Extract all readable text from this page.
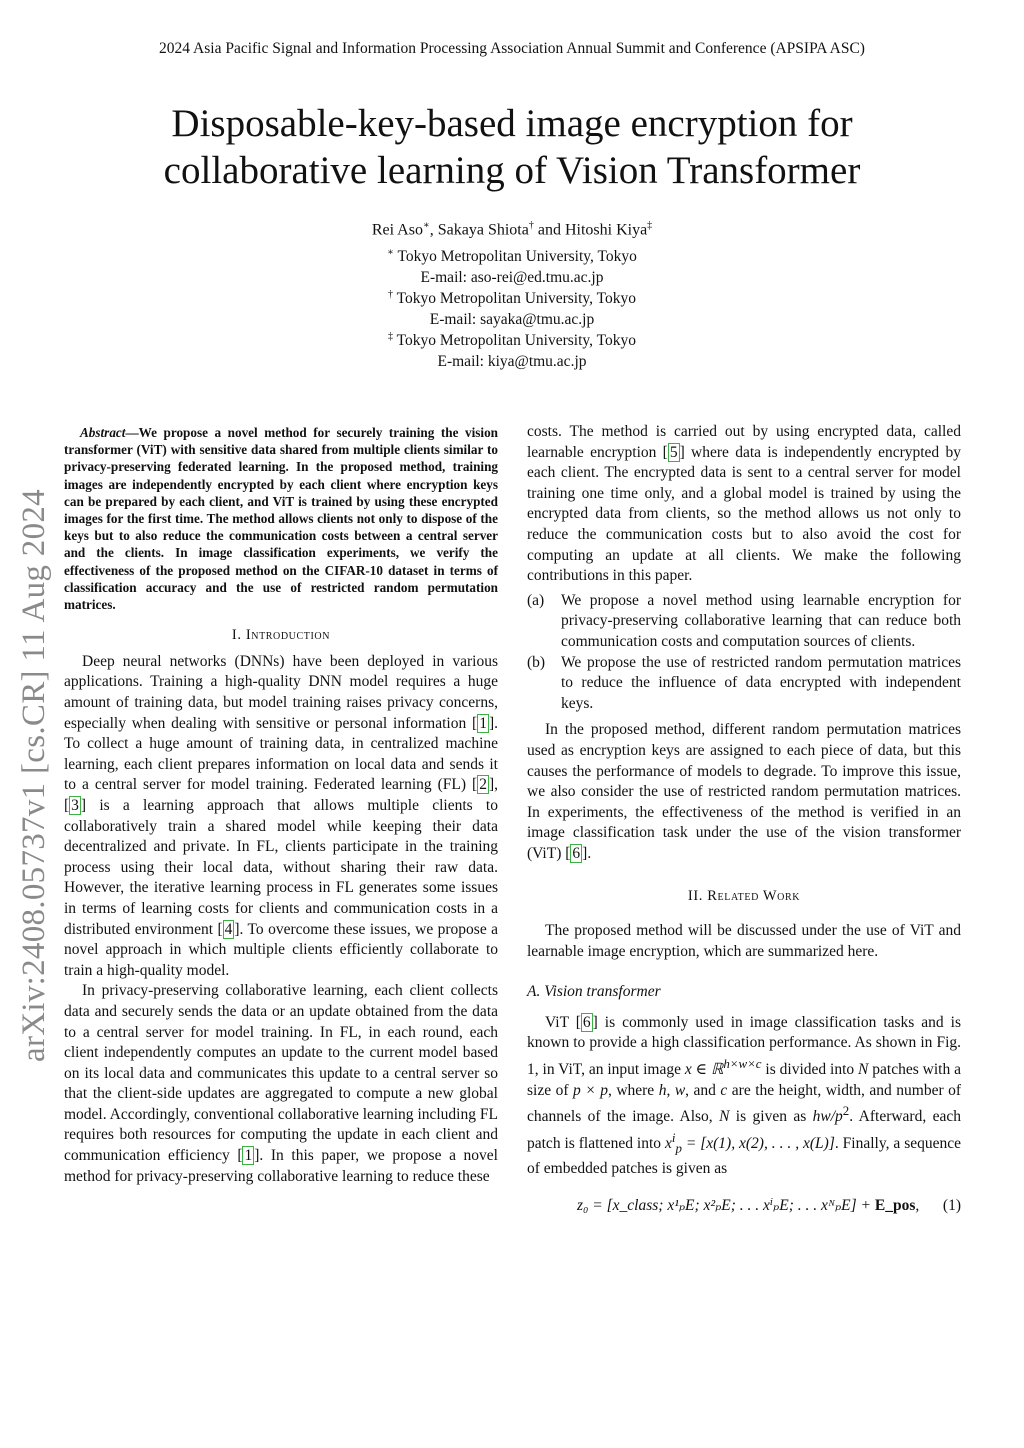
2024 Asia Pacific Signal and Information Processing Association Annual Summit and Conference (APSIPA ASC)
Disposable-key-based image encryption for
collaborative learning of Vision Transformer
Rei Aso∗, Sakaya Shiota† and Hitoshi Kiya‡
∗ Tokyo Metropolitan University, Tokyo
E-mail: aso-rei@ed.tmu.ac.jp
† Tokyo Metropolitan University, Tokyo
E-mail: sayaka@tmu.ac.jp
‡ Tokyo Metropolitan University, Tokyo
E-mail: kiya@tmu.ac.jp
arXiv:2408.05737v1 [cs.CR] 11 Aug 2024

Abstract—We propose a novel method for securely training the vision transformer (ViT) with sensitive data shared from multiple clients similar to privacy-preserving federated learning. In the proposed method, training images are independently encrypted by each client where encryption keys can be prepared by each client, and ViT is trained by using these encrypted images for the first time. The method allows clients not only to dispose of the keys but to also reduce the communication costs between a central server and the clients. In image classification experiments, we verify the effectiveness of the proposed method on the CIFAR-10 dataset in terms of classification accuracy and the use of restricted random permutation matrices.

I. Introduction

Deep neural networks (DNNs) have been deployed in various applications. Training a high-quality DNN model requires a huge amount of training data, but model training raises privacy concerns, especially when dealing with sensitive or personal information [ 1 ]. To collect a huge amount of training data, in centralized machine learning, each client prepares information on local data and sends it to a central server for model training. Federated learning (FL) [ 2 ], [ 3 ] is a learning approach that allows multiple clients to collaboratively train a shared model while keeping their data decentralized and private. In FL, clients participate in the training process using their local data, without sharing their raw data. However, the iterative learning process in FL generates some issues in terms of learning costs for clients and communication costs in a distributed environment [ 4 ]. To overcome these issues, we propose a novel approach in which multiple clients efficiently collaborate to train a high-quality model.

In privacy-preserving collaborative learning, each client collects data and securely sends the data or an update obtained from the data to a central server for model training. In FL, in each round, each client independently computes an update to the current model based on its local data and communicates this update to a central server so that the client-side updates are aggregated to compute a new global model. Accordingly, conventional collaborative learning including FL requires both resources for computing the update in each client and communication efficiency [ 1 ]. In this paper, we propose a novel method for privacy-preserving collaborative learning to reduce these

costs. The method is carried out by using encrypted data, called learnable encryption [ 5 ] where data is independently encrypted by each client. The encrypted data is sent to a central server for model training one time only, and a global model is trained by using the encrypted data from clients, so the method allows us not only to reduce the communication costs but to also avoid the cost for computing an update at all clients. We make the following contributions in this paper.

(a)	We propose a novel method using learnable encryption for privacy-preserving collaborative learning that can reduce both communication costs and computation sources of clients.
(b)	We propose the use of restricted random permutation matrices to reduce the influence of data encrypted with independent keys.

In the proposed method, different random permutation matrices used as encryption keys are assigned to each piece of data, but this causes the performance of models to degrade. To improve this issue, we also consider the use of restricted random permutation matrices. In experiments, the effectiveness of the method is verified in an image classification task under the use of the vision transformer (ViT) [ 6 ].

II. Related Work

The proposed method will be discussed under the use of ViT and learnable image encryption, which are summarized here.

A. Vision transformer

ViT [ 6 ] is commonly used in image classification tasks and is known to provide a high classification performance. As shown in Fig. 1, in ViT, an input image x ∈ ℝ$^{h\times w\times c}$ is divided into N patches with a size of p × p, where h, w, and c are the height, width, and number of channels of the image. Also, N is given as $hw/p^2$. Afterward, each patch is flattened into $x^i_p = [x(1)$, x(2), . . . , x(L)]. Finally, a sequence of embedded patches is given as

z₀ = [x_class; x¹ₚE; x²ₚE; . . . xⁱₚE; . . . xᴺₚE] + E_pos, (1)
